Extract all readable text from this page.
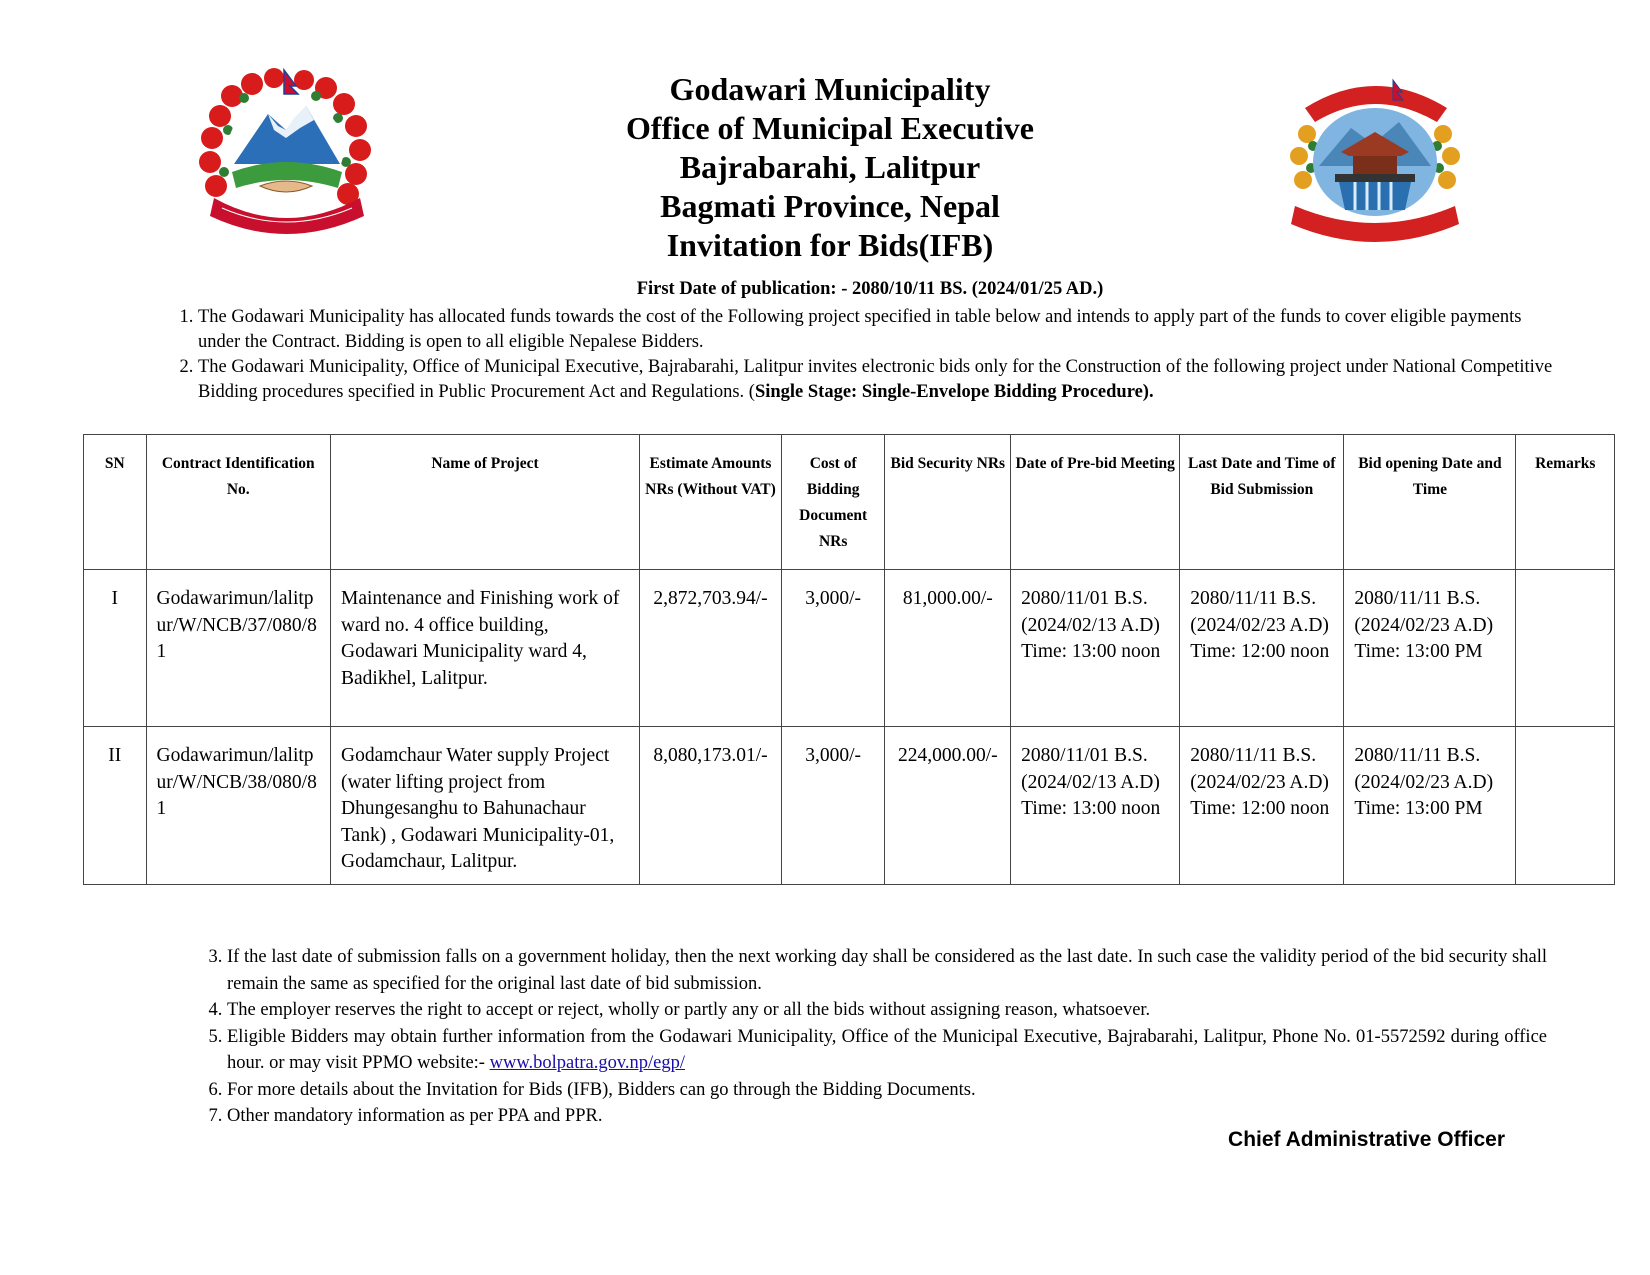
Godawari Municipality
Office of Municipal Executive
Bajrabarahi, Lalitpur
Bagmati Province, Nepal
Invitation for Bids(IFB)
First Date of publication: - 2080/10/11 BS. (2024/01/25 AD.)
1. The Godawari Municipality has allocated funds towards the cost of the Following project specified in table below and intends to apply part of the funds to cover eligible payments under the Contract. Bidding is open to all eligible Nepalese Bidders.
2. The Godawari Municipality, Office of Municipal Executive, Bajrabarahi, Lalitpur invites electronic bids only for the Construction of the following project under National Competitive Bidding procedures specified in Public Procurement Act and Regulations. (Single Stage: Single-Envelope Bidding Procedure).
SN	Contract Identification No.	Name of Project	Estimate Amounts NRs (Without VAT)	Cost of Bidding Document NRs	Bid Security NRs	Date of Pre-bid Meeting	Last Date and Time of Bid Submission	Bid opening Date and Time	Remarks
I	Godawarimun/lalitpur/W/NCB/37/080/81	Maintenance and Finishing work of ward no. 4 office building, Godawari Municipality ward 4, Badikhel, Lalitpur.	2,872,703.94/-	3,000/-	81,000.00/-	2080/11/01 B.S. (2024/02/13 A.D) Time: 13:00 noon	2080/11/11 B.S. (2024/02/23 A.D) Time: 12:00 noon	2080/11/11 B.S. (2024/02/23 A.D) Time: 13:00 PM	
II	Godawarimun/lalitpur/W/NCB/38/080/81	Godamchaur Water supply Project (water lifting project from Dhungesanghu to Bahunachaur Tank) , Godawari Municipality-01, Godamchaur, Lalitpur.	8,080,173.01/-	3,000/-	224,000.00/-	2080/11/01 B.S. (2024/02/13 A.D) Time: 13:00 noon	2080/11/11 B.S. (2024/02/23 A.D) Time: 12:00 noon	2080/11/11 B.S. (2024/02/23 A.D) Time: 13:00 PM	
3. If the last date of submission falls on a government holiday, then the next working day shall be considered as the last date. In such case the validity period of the bid security shall remain the same as specified for the original last date of bid submission.
4. The employer reserves the right to accept or reject, wholly or partly any or all the bids without assigning reason, whatsoever.
5. Eligible Bidders may obtain further information from the Godawari Municipality, Office of the Municipal Executive, Bajrabarahi, Lalitpur, Phone No. 01-5572592 during office hour. or may visit PPMO website:- www.bolpatra.gov.np/egp/
6. For more details about the Invitation for Bids (IFB), Bidders can go through the Bidding Documents.
7. Other mandatory information as per PPA and PPR.
Chief Administrative Officer
